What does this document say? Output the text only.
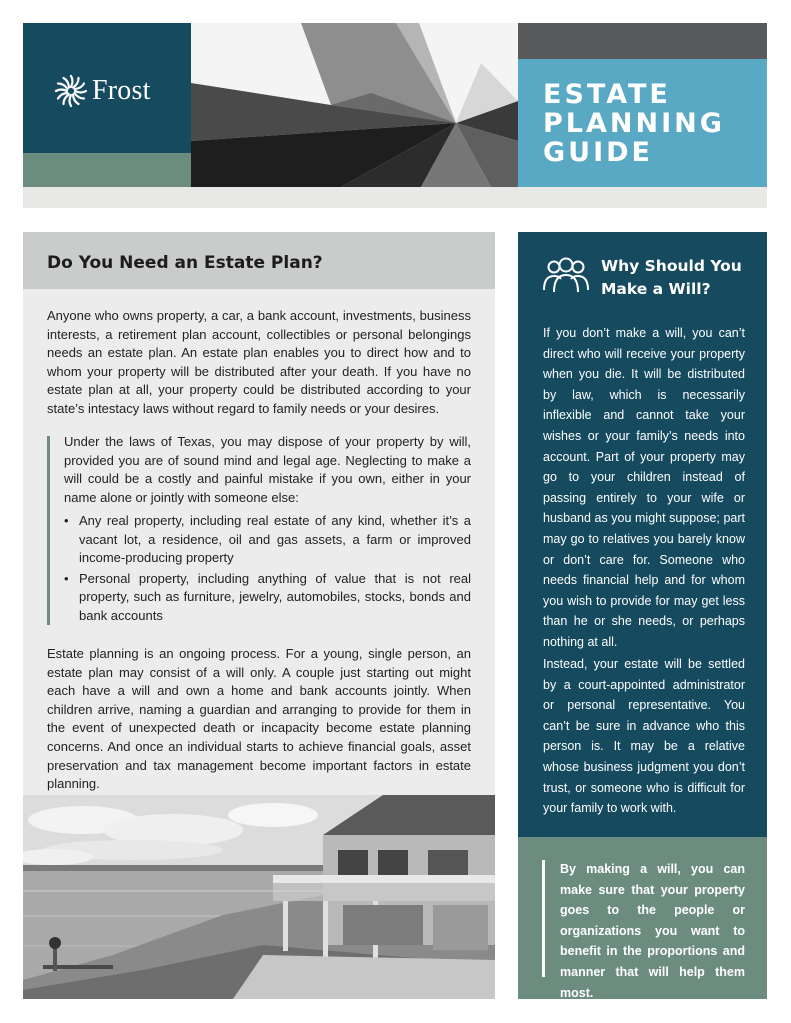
Frost	ESTATE
PLANNING
GUIDE
Do You Need an Estate Plan?

Anyone who owns property, a car, a bank account, investments, business interests, a retirement plan account, collectibles or personal belongings needs an estate plan. An estate plan enables you to direct how and to whom your property will be distributed after your death. If you have no estate plan at all, your property could be distributed according to your state’s intestacy laws without regard to family needs or your desires.

Under the laws of Texas, you may dispose of your property by will, provided you are of sound mind and legal age. Neglecting to make a will could be a costly and painful mistake if you own, either in your name alone or jointly with someone else:

• Any real property, including real estate of any kind, whether it’s a vacant lot, a residence, oil and gas assets, a farm or improved income-producing property
• Personal property, including anything of value that is not real property, such as furniture, jewelry, automobiles, stocks, bonds and bank accounts

Estate planning is an ongoing process. For a young, single person, an estate plan may consist of a will only. A couple just starting out might each have a will and own a home and bank accounts jointly. When children arrive, naming a guardian and arranging to provide for them in the event of unexpected death or incapacity become estate planning concerns. And once an individual starts to achieve financial goals, asset preservation and tax management become important factors in estate planning.

Why Should You Make a Will?

If you don’t make a will, you can’t direct who will receive your property when you die. It will be distributed by law, which is necessarily inflexible and cannot take your wishes or your family’s needs into account. Part of your property may go to your children instead of passing entirely to your wife or husband as you might suppose; part may go to relatives you barely know or don’t care for. Someone who needs financial help and for whom you wish to provide for may get less than he or she needs, or perhaps nothing at all.

Instead, your estate will be settled by a court-appointed administrator or personal representative. You can’t be sure in advance who this person is. It may be a relative whose business judgment you don’t trust, or someone who is difficult for your family to work with.

By making a will, you can make sure that your property goes to the people or organizations you want to benefit in the proportions and manner that will help them most.
